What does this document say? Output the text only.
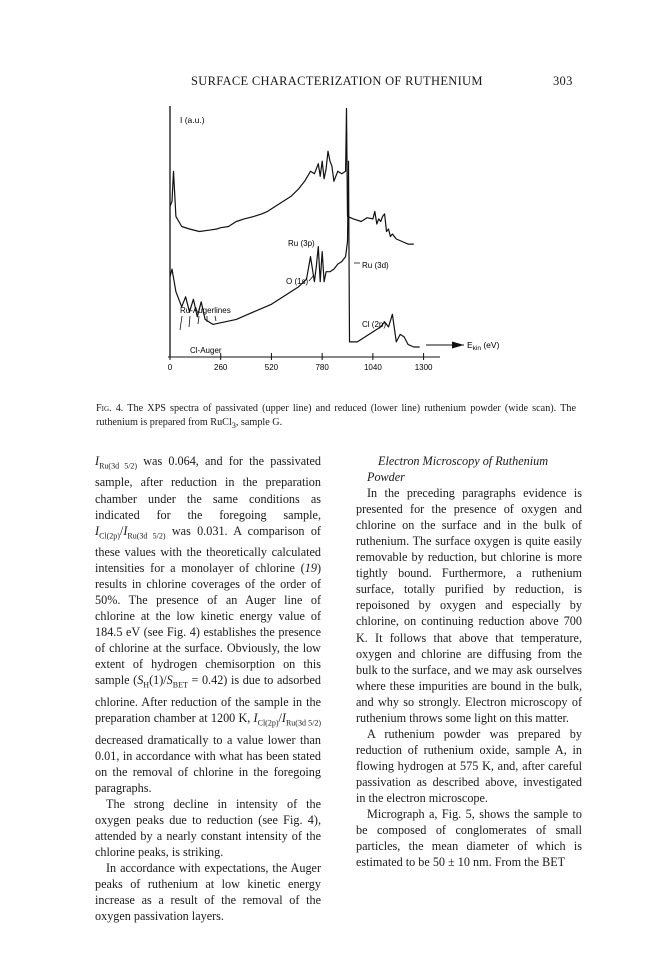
SURFACE CHARACTERIZATION OF RUTHENIUM	303
0	260	520	780	1040	1300
I (a.u.)
Ru (3p)
O (1s)
Ru (3d)
Ru-Augerlines
Cl (2p)
Cl-Auger
$E_{kin}$ (eV)
Fig. 4. The XPS spectra of passivated (upper line) and reduced (lower line) ruthenium powder (wide scan). The ruthenium is prepared from RuCl$_3$, sample G.

$I_{Ru(3d 5/2)}$ was 0.064, and for the passivated sample, after reduction in the preparation chamber under the same conditions as indicated for the foregoing sample, $I_{Cl(2p)}/I_{Ru(3d 5/2)}$ was 0.031. A comparison of these values with the theoretically calculated intensities for a monolayer of chlorine (19) results in chlorine coverages of the order of 50%. The presence of an Auger line of chlorine at the low kinetic energy value of 184.5 eV (see Fig. 4) establishes the presence of chlorine at the surface. Obviously, the low extent of hydrogen chemisorption on this sample $(S_H(1)/S_{BET} = 0.42)$ is due to adsorbed chlorine. After reduction of the sample in the preparation chamber at 1200 K, $I_{Cl(2p)}/I_{Ru(3d 5/2)}$ decreased dramatically to a value lower than 0.01, in accordance with what has been stated on the removal of chlorine in the foregoing paragraphs.

The strong decline in intensity of the oxygen peaks due to reduction (see Fig. 4), attended by a nearly constant intensity of the chlorine peaks, is striking.

In accordance with expectations, the Auger peaks of ruthenium at low kinetic energy increase as a result of the removal of the oxygen passivation layers.

Electron Microscopy of Ruthenium Powder

In the preceding paragraphs evidence is presented for the presence of oxygen and chlorine on the surface and in the bulk of ruthenium. The surface oxygen is quite easily removable by reduction, but chlorine is more tightly bound. Furthermore, a ruthenium surface, totally purified by reduction, is repoisoned by oxygen and especially by chlorine, on continuing reduction above 700 K. It follows that above that temperature, oxygen and chlorine are diffusing from the bulk to the surface, and we may ask ourselves where these impurities are bound in the bulk, and why so strongly. Electron microscopy of ruthenium throws some light on this matter.

A ruthenium powder was prepared by reduction of ruthenium oxide, sample A, in flowing hydrogen at 575 K, and, after careful passivation as described above, investigated in the electron microscope.

Micrograph a, Fig. 5, shows the sample to be composed of conglomerates of small particles, the mean diameter of which is estimated to be 50 ± 10 nm. From the BET
